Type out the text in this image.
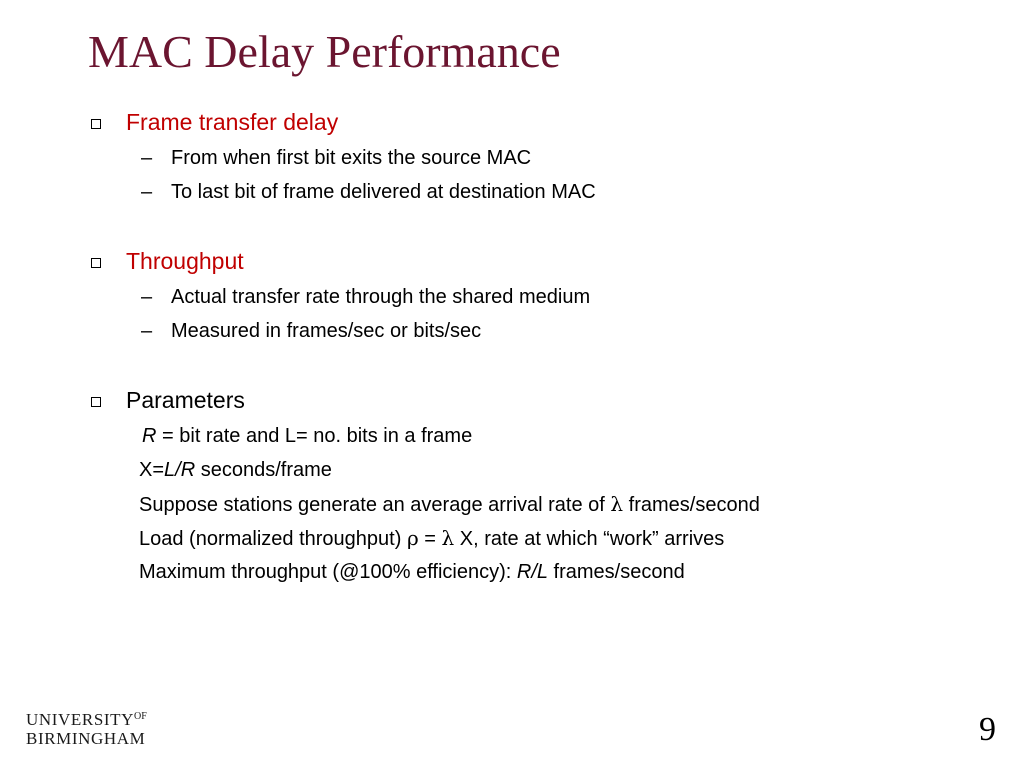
MAC Delay Performance
Frame transfer delay
– From when first bit exits the source MAC
– To last bit of frame delivered at destination MAC
Throughput
– Actual transfer rate through the shared medium
– Measured in frames/sec or bits/sec
Parameters
R = bit rate and L= no. bits in a frame
X=L/R seconds/frame
Suppose stations generate an average arrival rate of λ frames/second
Load (normalized throughput) ρ = λ X, rate at which “work” arrives
Maximum throughput (@100% efficiency): R/L frames/second
$UNIVERSITY^{OF}$
BIRMINGHAM	9
